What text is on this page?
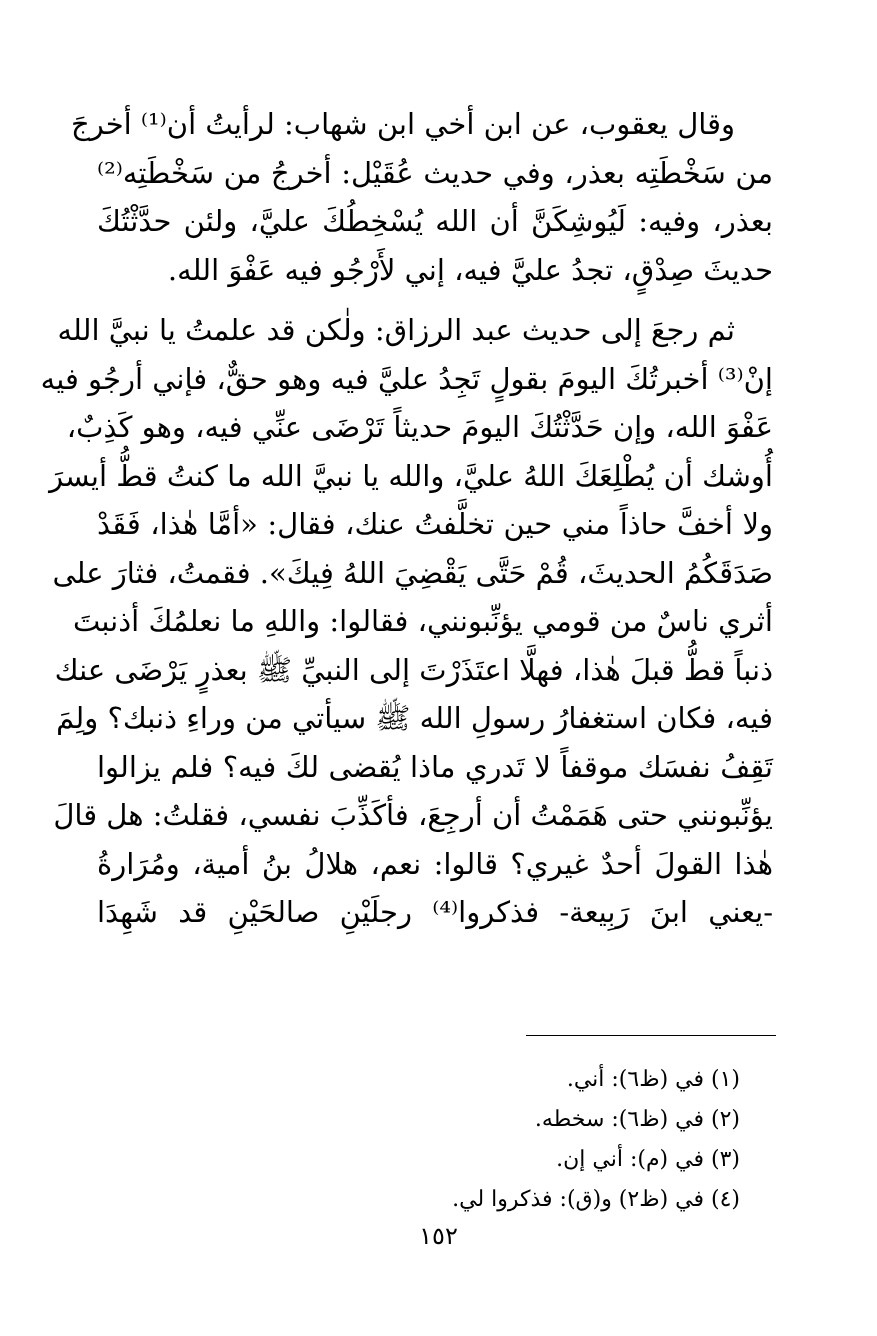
وقال يعقوب، عن ابن أخي ابن شهاب: لرأيتُ أن⁽¹⁾ أخرجَ
من سَخْطَتِه بعذر، وفي حديث عُقَيْل: أخرجُ من سَخْطَتِه⁽²⁾
بعذر، وفيه: لَيُوشِكَنَّ أن الله يُسْخِطُكَ عليَّ، ولئن حدَّثْتُكَ
حديثَ صِدْقٍ، تجدُ عليَّ فيه، إني لأَرْجُو فيه عَفْوَ الله.

ثم رجعَ إلى حديث عبد الرزاق: ولٰكن قد علمتُ يا نبيَّ الله
إنْ⁽³⁾ أخبرتُكَ اليومَ بقولٍ تَجِدُ عليَّ فيه وهو حقٌّ، فإني أرجُو فيه
عَفْوَ الله، وإن حَدَّثْتُكَ اليومَ حديثاً تَرْضَى عنِّي فيه، وهو كَذِبٌ،
أُوشك أن يُطْلِعَكَ اللهُ عليَّ، والله يا نبيَّ الله ما كنتُ قطُّ أيسرَ
ولا أخفَّ حاذاً مني حين تخلَّفتُ عنك، فقال: «أمَّا هٰذا، فَقَدْ
صَدَقَكُمُ الحديثَ، قُمْ حَتَّى يَقْضِيَ اللهُ فِيكَ». فقمتُ، فثارَ على
أثري ناسٌ من قومي يؤنِّبونني، فقالوا: واللهِ ما نعلمُكَ أذنبتَ
ذنباً قطُّ قبلَ هٰذا، فهلَّا اعتَذَرْتَ إلى النبيِّ ﷺ بعذرٍ يَرْضَى عنك
فيه، فكان استغفارُ رسولِ الله ﷺ سيأتي من وراءِ ذنبك؟ ولِمَ
تَقِفُ نفسَك موقفاً لا تَدري ماذا يُقضى لكَ فيه؟ فلم يزالوا
يؤنِّبونني حتى هَمَمْتُ أن أرجِعَ، فأكَذِّبَ نفسي، فقلتُ: هل قالَ
هٰذا القولَ أحدٌ غيري؟ قالوا: نعم، هلالُ بنُ أمية، ومُرَارةُ
-يعني ابنَ رَبِيعة- فذكروا⁽⁴⁾ رجلَيْنِ صالحَيْنِ قد شَهِدَا

(١) في (ظ٦): أني.
(٢) في (ظ٦): سخطه.
(٣) في (م): أني إن.
(٤) في (ظ٢) و(ق): فذكروا لي.
١٥٢
